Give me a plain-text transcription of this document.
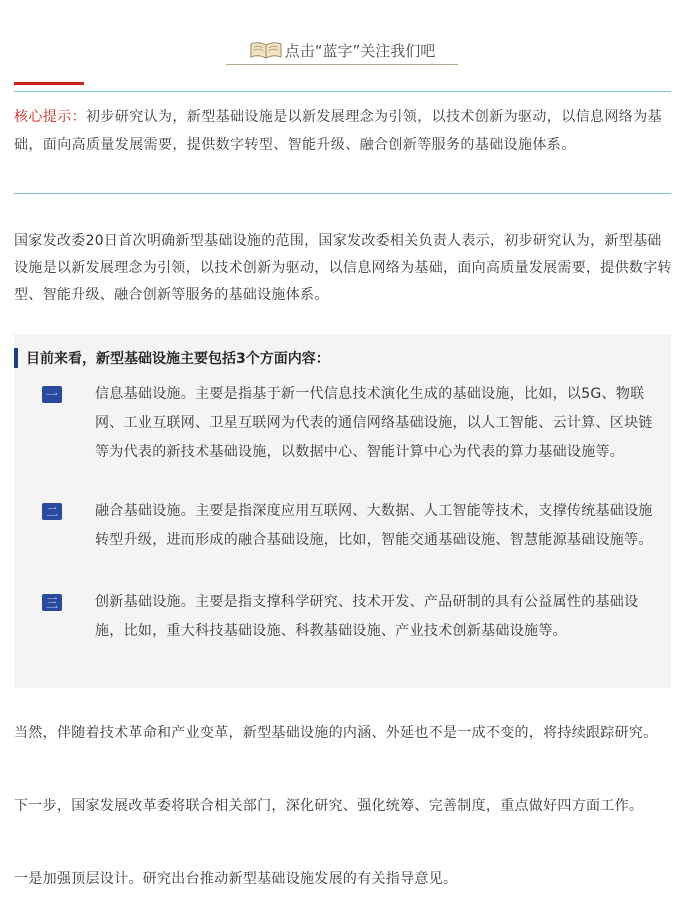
点击“蓝字”关注我们吧

核心提示：初步研究认为，新型基础设施是以新发展理念为引领，以技术创新为驱动，以信息网络为基础，面向高质量发展需要，提供数字转型、智能升级、融合创新等服务的基础设施体系。

国家发改委20日首次明确新型基础设施的范围，国家发改委相关负责人表示，初步研究认为，新型基础设施是以新发展理念为引领，以技术创新为驱动，以信息网络为基础，面向高质量发展需要，提供数字转型、智能升级、融合创新等服务的基础设施体系。

目前来看，新型基础设施主要包括3个方面内容：
一	信息基础设施。主要是指基于新一代信息技术演化生成的基础设施，比如，以5G、物联网、工业互联网、卫星互联网为代表的通信网络基础设施，以人工智能、云计算、区块链等为代表的新技术基础设施，以数据中心、智能计算中心为代表的算力基础设施等。

二	融合基础设施。主要是指深度应用互联网、大数据、人工智能等技术，支撑传统基础设施转型升级，进而形成的融合基础设施，比如，智能交通基础设施、智慧能源基础设施等。

三	创新基础设施。主要是指支撑科学研究、技术开发、产品研制的具有公益属性的基础设施，比如，重大科技基础设施、科教基础设施、产业技术创新基础设施等。

当然，伴随着技术革命和产业变革，新型基础设施的内涵、外延也不是一成不变的，将持续跟踪研究。

下一步，国家发展改革委将联合相关部门，深化研究、强化统筹、完善制度，重点做好四方面工作。

一是加强顶层设计。研究出台推动新型基础设施发展的有关指导意见。
